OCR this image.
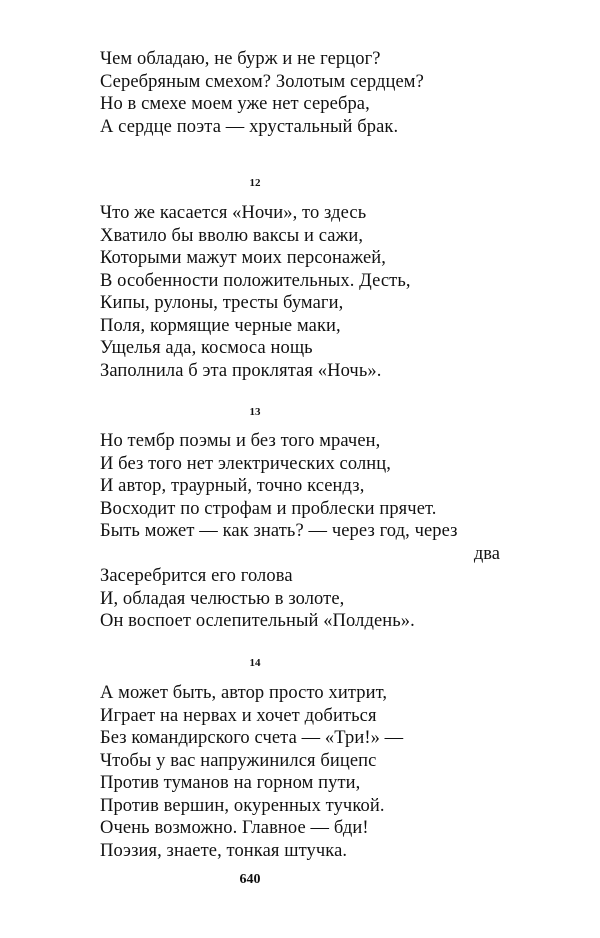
Чем обладаю, не бурж и не герцог?
Серебряным смехом? Золотым сердцем?
Но в смехе моем уже нет серебра,
А сердце поэта — хрустальный брак.
12
Что же касается «Ночи», то здесь
Хватило бы вволю ваксы и сажи,
Которыми мажут моих персонажей,
В особенности положительных. Десть,
Кипы, рулоны, тресты бумаги,
Поля, кормящие черные маки,
Ущелья ада, космоса нощь
Заполнила б эта проклятая «Ночь».
13
Но тембр поэмы и без того мрачен,
И без того нет электрических солнц,
И автор, траурный, точно ксендз,
Восходит по строфам и проблески прячет.
Быть может — как знать? — через год, через
два
Засеребрится его голова
И, обладая челюстью в золоте,
Он воспоет ослепительный «Полдень».
14
А может быть, автор просто хитрит,
Играет на нервах и хочет добиться
Без командирского счета — «Три!» —
Чтобы у вас напружинился бицепс
Против туманов на горном пути,
Против вершин, окуренных тучкой.
Очень возможно. Главное — бди!
Поэзия, знаете, тонкая штучка.
640
